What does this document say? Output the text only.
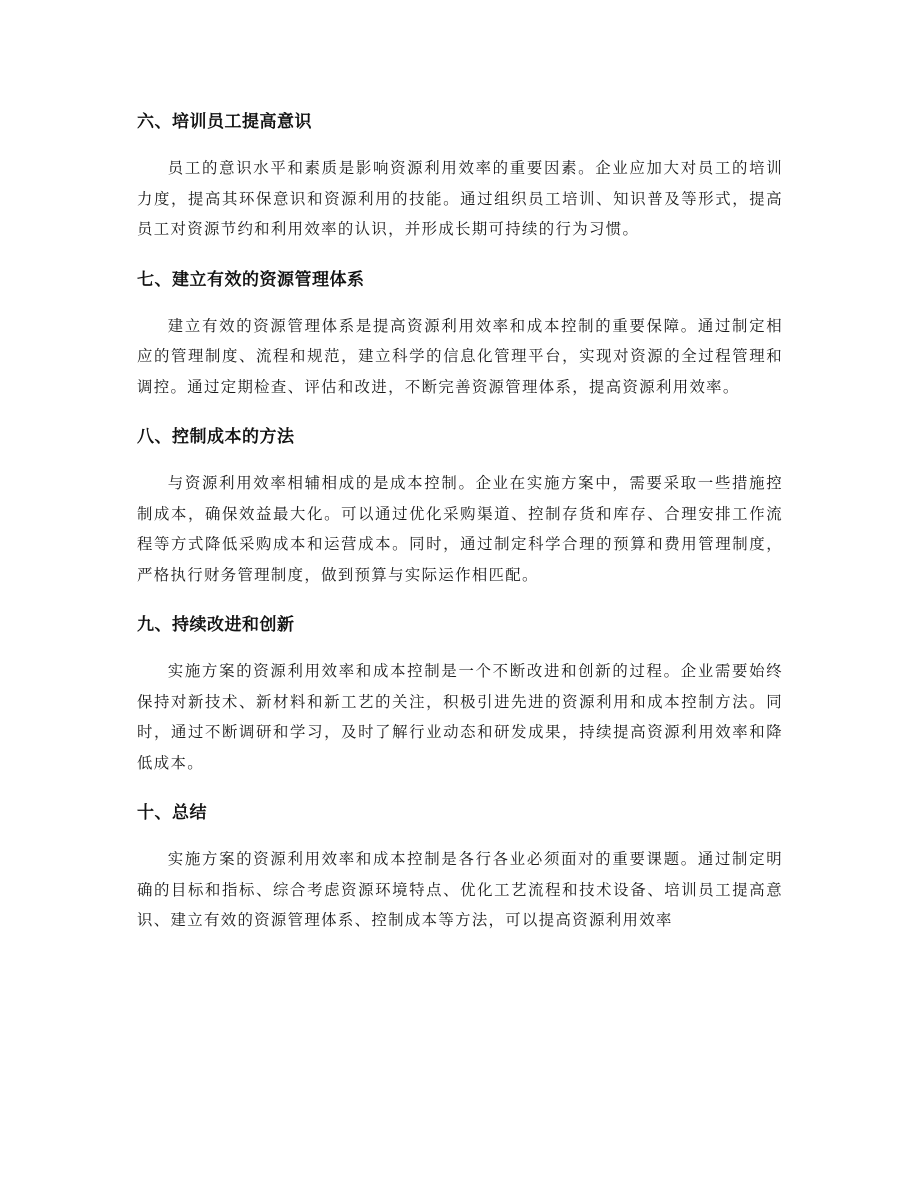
六、培训员工提高意识

员工的意识水平和素质是影响资源利用效率的重要因素。企业应加大对员工的培训力度，提高其环保意识和资源利用的技能。通过组织员工培训、知识普及等形式，提高员工对资源节约和利用效率的认识，并形成长期可持续的行为习惯。

七、建立有效的资源管理体系

建立有效的资源管理体系是提高资源利用效率和成本控制的重要保障。通过制定相应的管理制度、流程和规范，建立科学的信息化管理平台，实现对资源的全过程管理和调控。通过定期检查、评估和改进，不断完善资源管理体系，提高资源利用效率。

八、控制成本的方法

与资源利用效率相辅相成的是成本控制。企业在实施方案中，需要采取一些措施控制成本，确保效益最大化。可以通过优化采购渠道、控制存货和库存、合理安排工作流程等方式降低采购成本和运营成本。同时，通过制定科学合理的预算和费用管理制度，严格执行财务管理制度，做到预算与实际运作相匹配。

九、持续改进和创新

实施方案的资源利用效率和成本控制是一个不断改进和创新的过程。企业需要始终保持对新技术、新材料和新工艺的关注，积极引进先进的资源利用和成本控制方法。同时，通过不断调研和学习，及时了解行业动态和研发成果，持续提高资源利用效率和降低成本。

十、总结

实施方案的资源利用效率和成本控制是各行各业必须面对的重要课题。通过制定明确的目标和指标、综合考虑资源环境特点、优化工艺流程和技术设备、培训员工提高意识、建立有效的资源管理体系、控制成本等方法，可以提高资源利用效率
